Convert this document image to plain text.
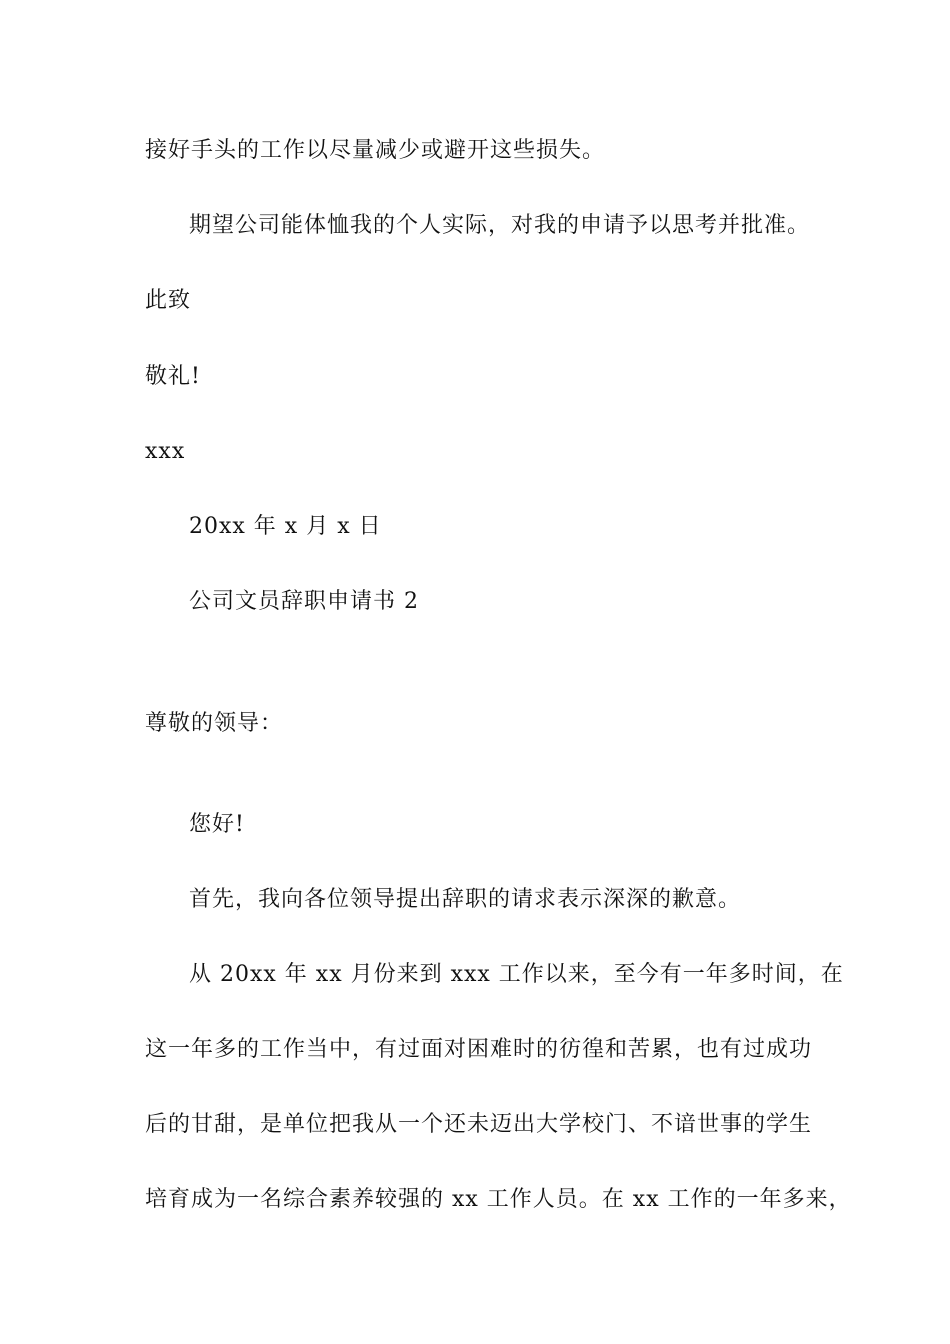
接好手头的工作以尽量减少或避开这些损失。
期望公司能体恤我的个人实际，对我的申请予以思考并批准。
此致
敬礼!
xxx
20xx 年 x 月 x 日
公司文员辞职申请书 2
尊敬的领导：
您好!
首先，我向各位领导提出辞职的请求表示深深的歉意。
从 20xx 年 xx 月份来到 xxx 工作以来，至今有一年多时间，在
这一年多的工作当中，有过面对困难时的彷徨和苦累，也有过成功
后的甘甜，是单位把我从一个还未迈出大学校门、不谙世事的学生
培育成为一名综合素养较强的 xx 工作人员。在 xx 工作的一年多来，
